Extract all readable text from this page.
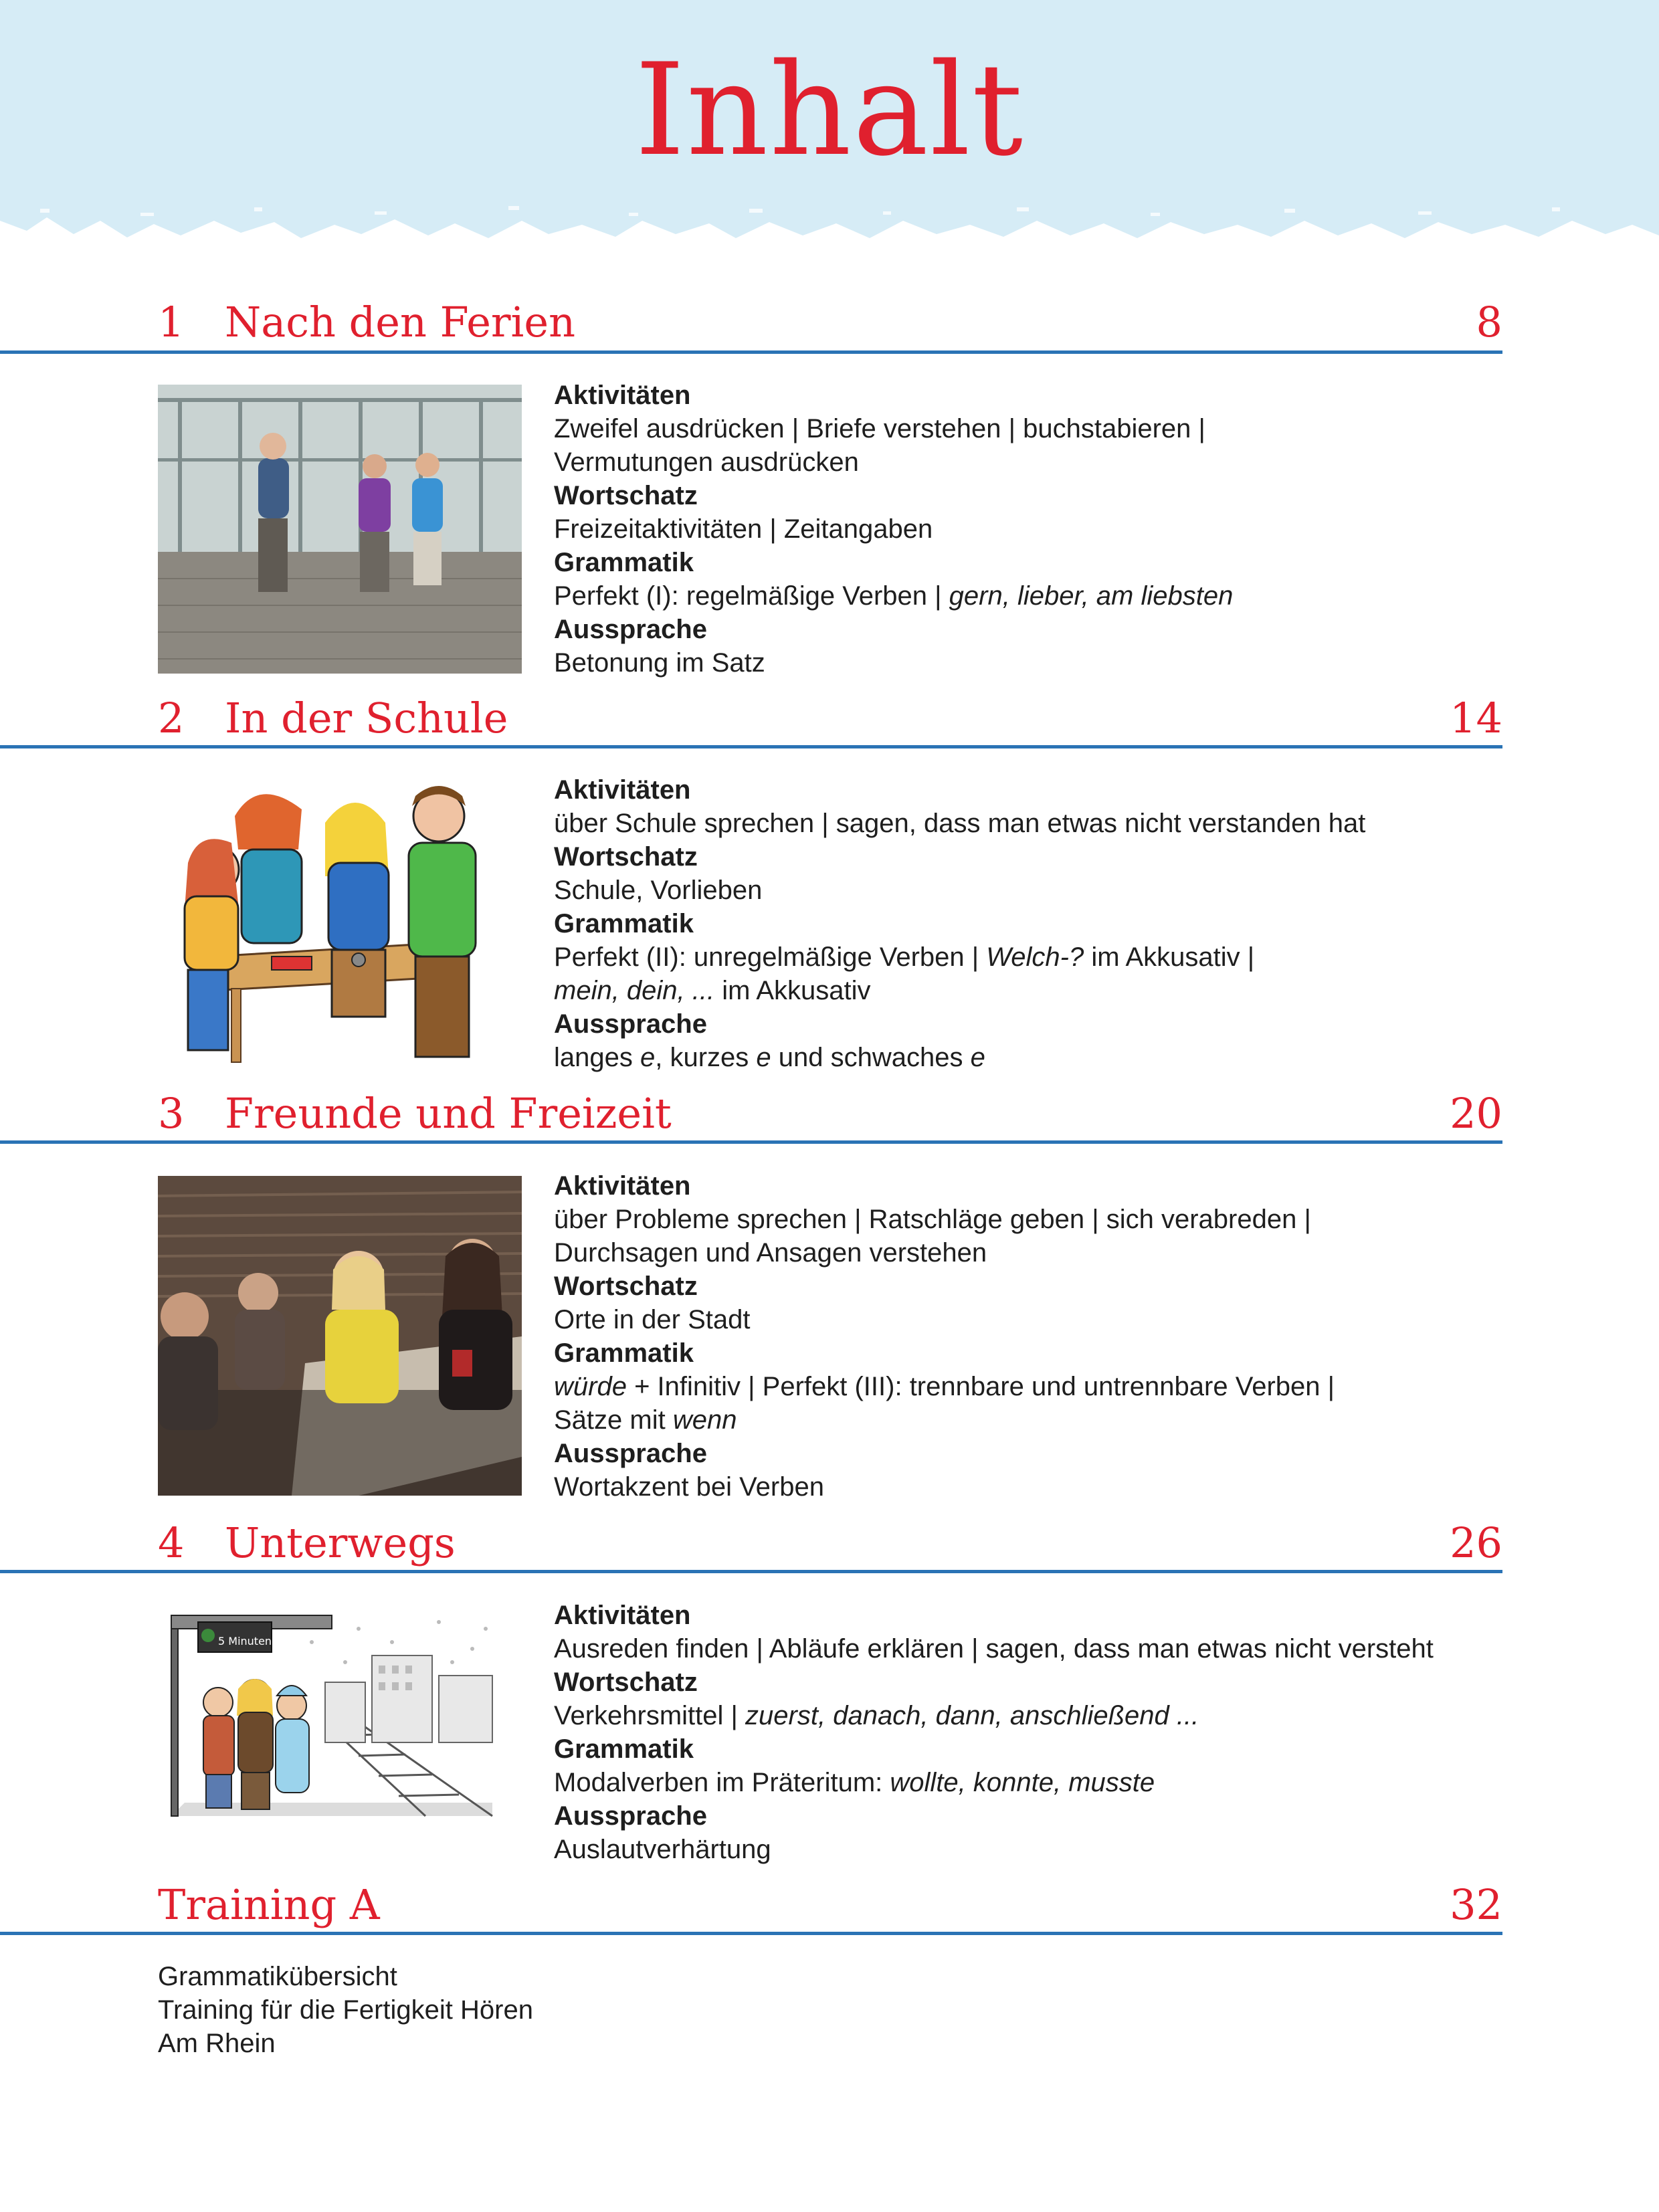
Inhalt
1 Nach den Ferien	8
Aktivitäten
Zweifel ausdrücken | Briefe verstehen | buchstabieren |
Vermutungen ausdrücken
Wortschatz
Freizeitaktivitäten | Zeitangaben
Grammatik
Perfekt (I): regelmäßige Verben | gern, lieber, am liebsten
Aussprache
Betonung im Satz
2 In der Schule	14
Aktivitäten
über Schule sprechen | sagen, dass man etwas nicht verstanden hat
Wortschatz
Schule, Vorlieben
Grammatik
Perfekt (II): unregelmäßige Verben | Welch-? im Akkusativ |
mein, dein, ... im Akkusativ
Aussprache
langes e, kurzes e und schwaches e
3 Freunde und Freizeit	20
Aktivitäten
über Probleme sprechen | Ratschläge geben | sich verabreden |
Durchsagen und Ansagen verstehen
Wortschatz
Orte in der Stadt
Grammatik
würde + Infinitiv | Perfekt (III): trennbare und untrennbare Verben |
Sätze mit wenn
Aussprache
Wortakzent bei Verben
4 Unterwegs	26
5 Minuten
Aktivitäten
Ausreden finden | Abläufe erklären | sagen, dass man etwas nicht versteht
Wortschatz
Verkehrsmittel | zuerst, danach, dann, anschließend ...
Grammatik
Modalverben im Präteritum: wollte, konnte, musste
Aussprache
Auslautverhärtung
Training A	32
Grammatikübersicht
Training für die Fertigkeit Hören
Am Rhein
